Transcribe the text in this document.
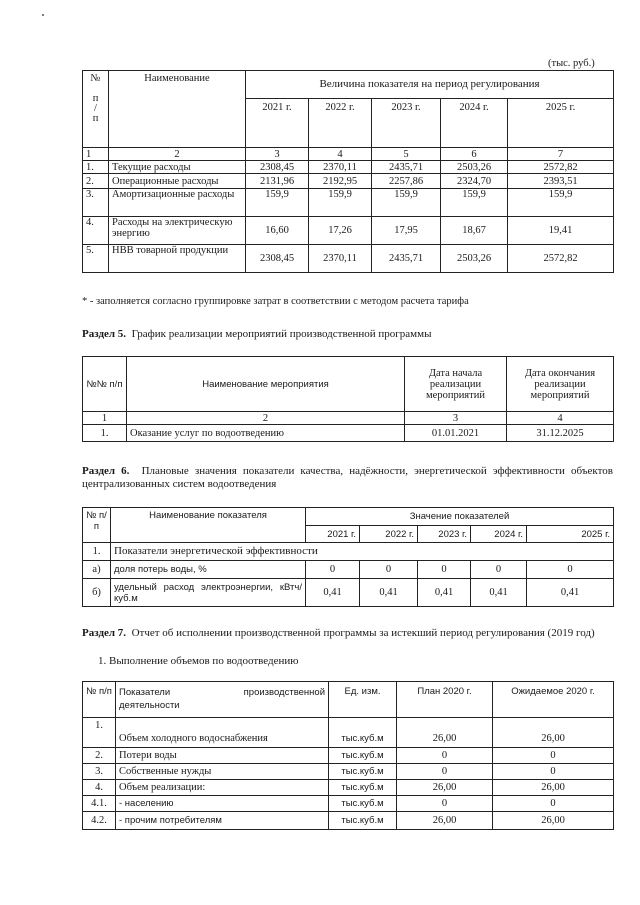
(тыс. руб.)
№
п
/
п	Наименование	Величина показателя на период регулирования				
		2021 г.	2022 г.	2023 г.	2024 г.	2025 г.
1	2	3	4	5	6	7
1.	Текущие расходы	2308,45	2370,11	2435,71	2503,26	2572,82
2.	Операционные расходы	2131,96	2192,95	2257,86	2324,70	2393,51
3.	Амортизационные расходы	159,9	159,9	159,9	159,9	159,9
4.	Расходы на электрическую энергию	16,60	17,26	17,95	18,67	19,41
5.	НВВ товарной продукции	2308,45	2370,11	2435,71	2503,26	2572,82
* - заполняется согласно группировке затрат в соответствии с методом расчета тарифа
Раздел 5. График реализации мероприятий производственной программы
№№ п/п	Наименование мероприятия	Дата начала реализации мероприятий	Дата окончания реализации мероприятий
1	2	3	4
1.	Оказание услуг по водоотведению	01.01.2021	31.12.2025
Раздел 6. Плановые значения показатели качества, надёжности, энергетической эффективности объектов централизованных систем водоотведения
№ п/п	Наименование показателя	Значение показателей				
		2021 г.	2022 г.	2023 г.	2024 г.	2025 г.
1.	Показатели энергетической эффективности					
а)	доля потерь воды, %	0	0	0	0	0
б)	удельный расход электроэнергии, кВтч/куб.м	0,41	0,41	0,41	0,41	0,41
Раздел 7. Отчет об исполнении производственной программы за истекший период регулирования (2019 год)
1. Выполнение объемов по водоотведению
№ п/п	Показатели производственной деятельности	Ед. изм.	План 2020 г.	Ожидаемое 2020 г.
1.	Объем холодного водоснабжения	тыс.куб.м	26,00	26,00
2.	Потери воды	тыс.куб.м	0	0
3.	Собственные нужды	тыс.куб.м	0	0
4.	Объем реализации:	тыс.куб.м	26,00	26,00
4.1.	- населению	тыс.куб.м	0	0
4.2.	- прочим потребителям	тыс.куб.м	26,00	26,00
